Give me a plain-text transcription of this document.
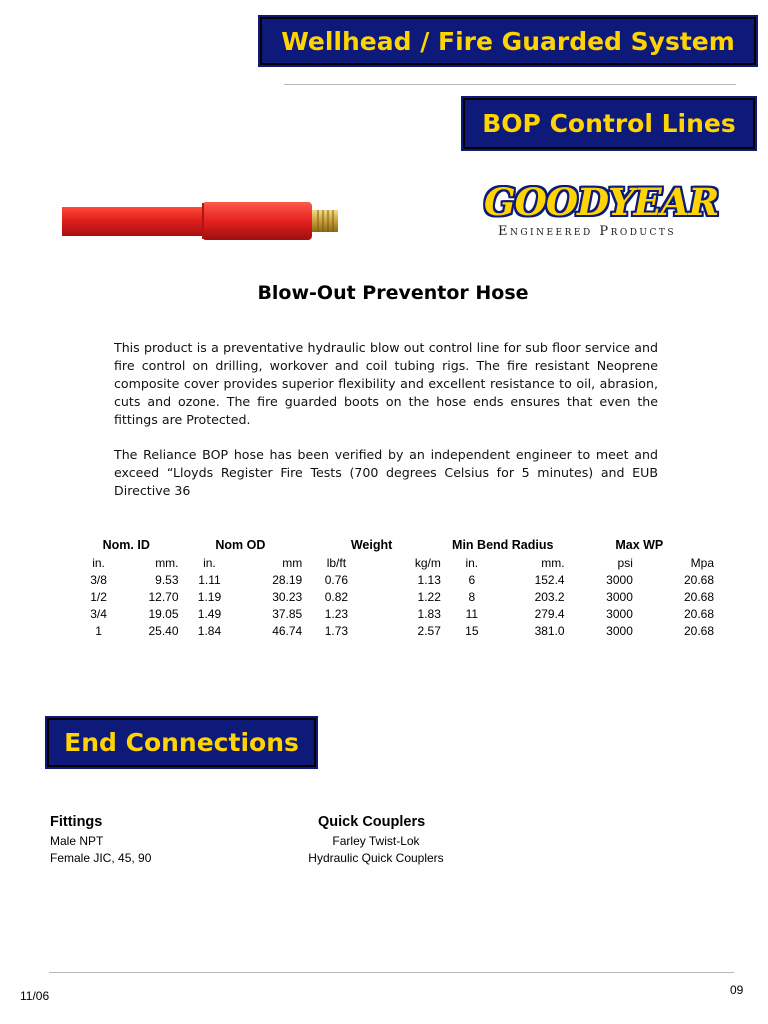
Wellhead / Fire Guarded System
BOP Control Lines
GOODYEAR
Engineered Products
Blow-Out Preventor Hose
This product is a preventative hydraulic blow out control line for sub floor service and fire control on drilling, workover and coil tubing rigs. The fire resistant Neoprene composite cover provides superior flexibility and excellent resistance to oil, abrasion, cuts and ozone. The fire guarded boots on the hose ends ensures that even the fittings are Protected.
The Reliance BOP hose has been verified by an independent engineer to meet and exceed “Lloyds Register Fire Tests (700 degrees Celsius for 5 minutes) and EUB Directive 36
Nom. ID		Nom OD		Weight		Min Bend Radius		Max WP	
in.	mm.	in.	mm	lb/ft	kg/m	in.	mm.	psi	Mpa
3/8	9.53	1.11	28.19	0.76	1.13	6	152.4	3000	20.68
1/2	12.70	1.19	30.23	0.82	1.22	8	203.2	3000	20.68
3/4	19.05	1.49	37.85	1.23	1.83	11	279.4	3000	20.68
1	25.40	1.84	46.74	1.73	2.57	15	381.0	3000	20.68
End Connections
Fittings
Male NPT
Female JIC, 45, 90
Quick Couplers
Farley Twist-Lok
Hydraulic Quick Couplers
11/06	09
